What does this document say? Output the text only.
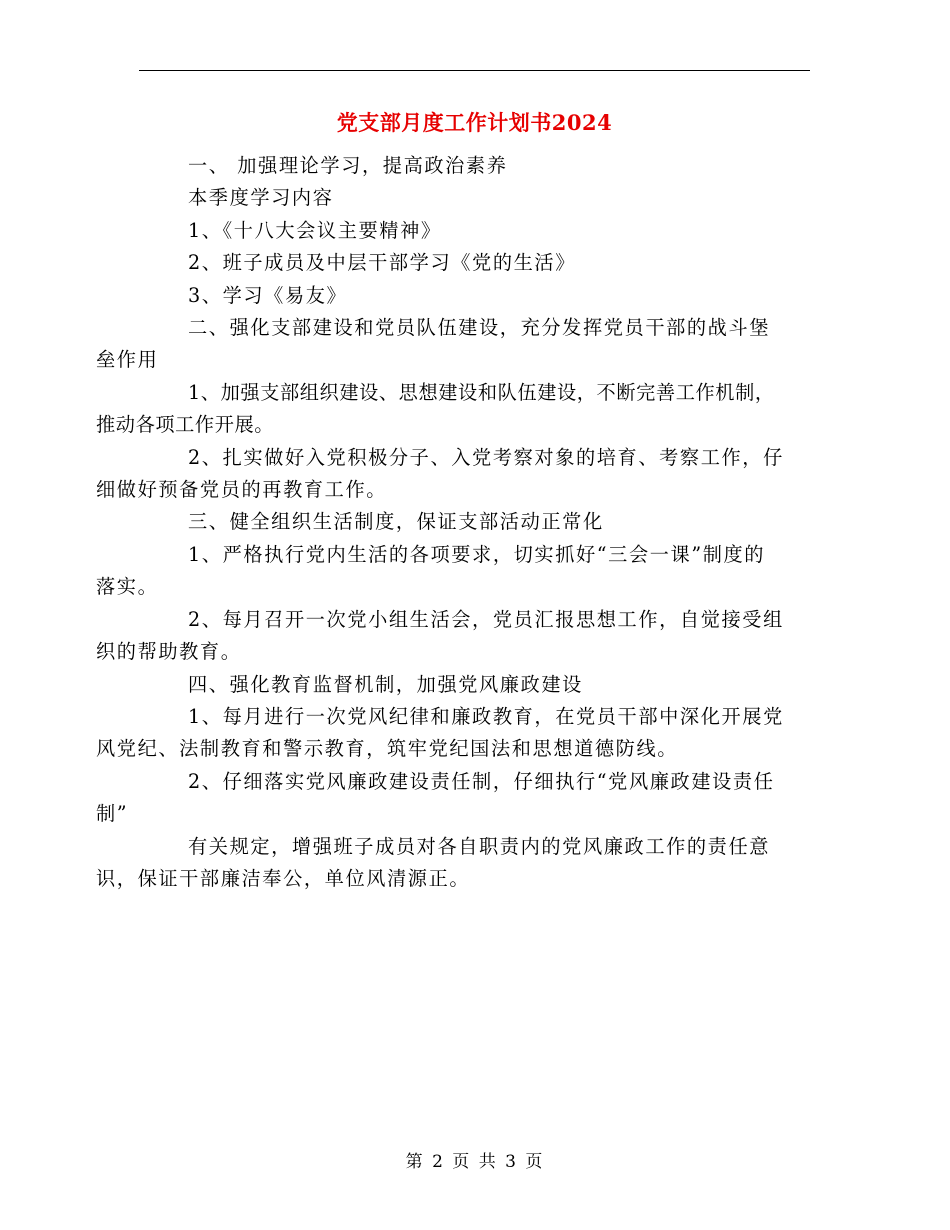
党支部月度工作计划书2024

一、 加强理论学习，提高政治素养

本季度学习内容

1、《十八大会议主要精神》

2、班子成员及中层干部学习《党的生活》

3、学习《易友》

二、强化支部建设和党员队伍建设，充分发挥党员干部的战斗堡
垒作用

1、加强支部组织建设、思想建设和队伍建设，不断完善工作机制，
推动各项工作开展。

2、扎实做好入党积极分子、入党考察对象的培育、考察工作，仔
细做好预备党员的再教育工作。

三、健全组织生活制度，保证支部活动正常化

1、严格执行党内生活的各项要求，切实抓好“三会一课”制度的
落实。

2、每月召开一次党小组生活会，党员汇报思想工作，自觉接受组
织的帮助教育。

四、强化教育监督机制，加强党风廉政建设

1、每月进行一次党风纪律和廉政教育，在党员干部中深化开展党
风党纪、法制教育和警示教育，筑牢党纪国法和思想道德防线。

2、仔细落实党风廉政建设责任制，仔细执行“党风廉政建设责任
制”

有关规定，增强班子成员对各自职责内的党风廉政工作的责任意
识，保证干部廉洁奉公，单位风清源正。

第 2 页 共 3 页
